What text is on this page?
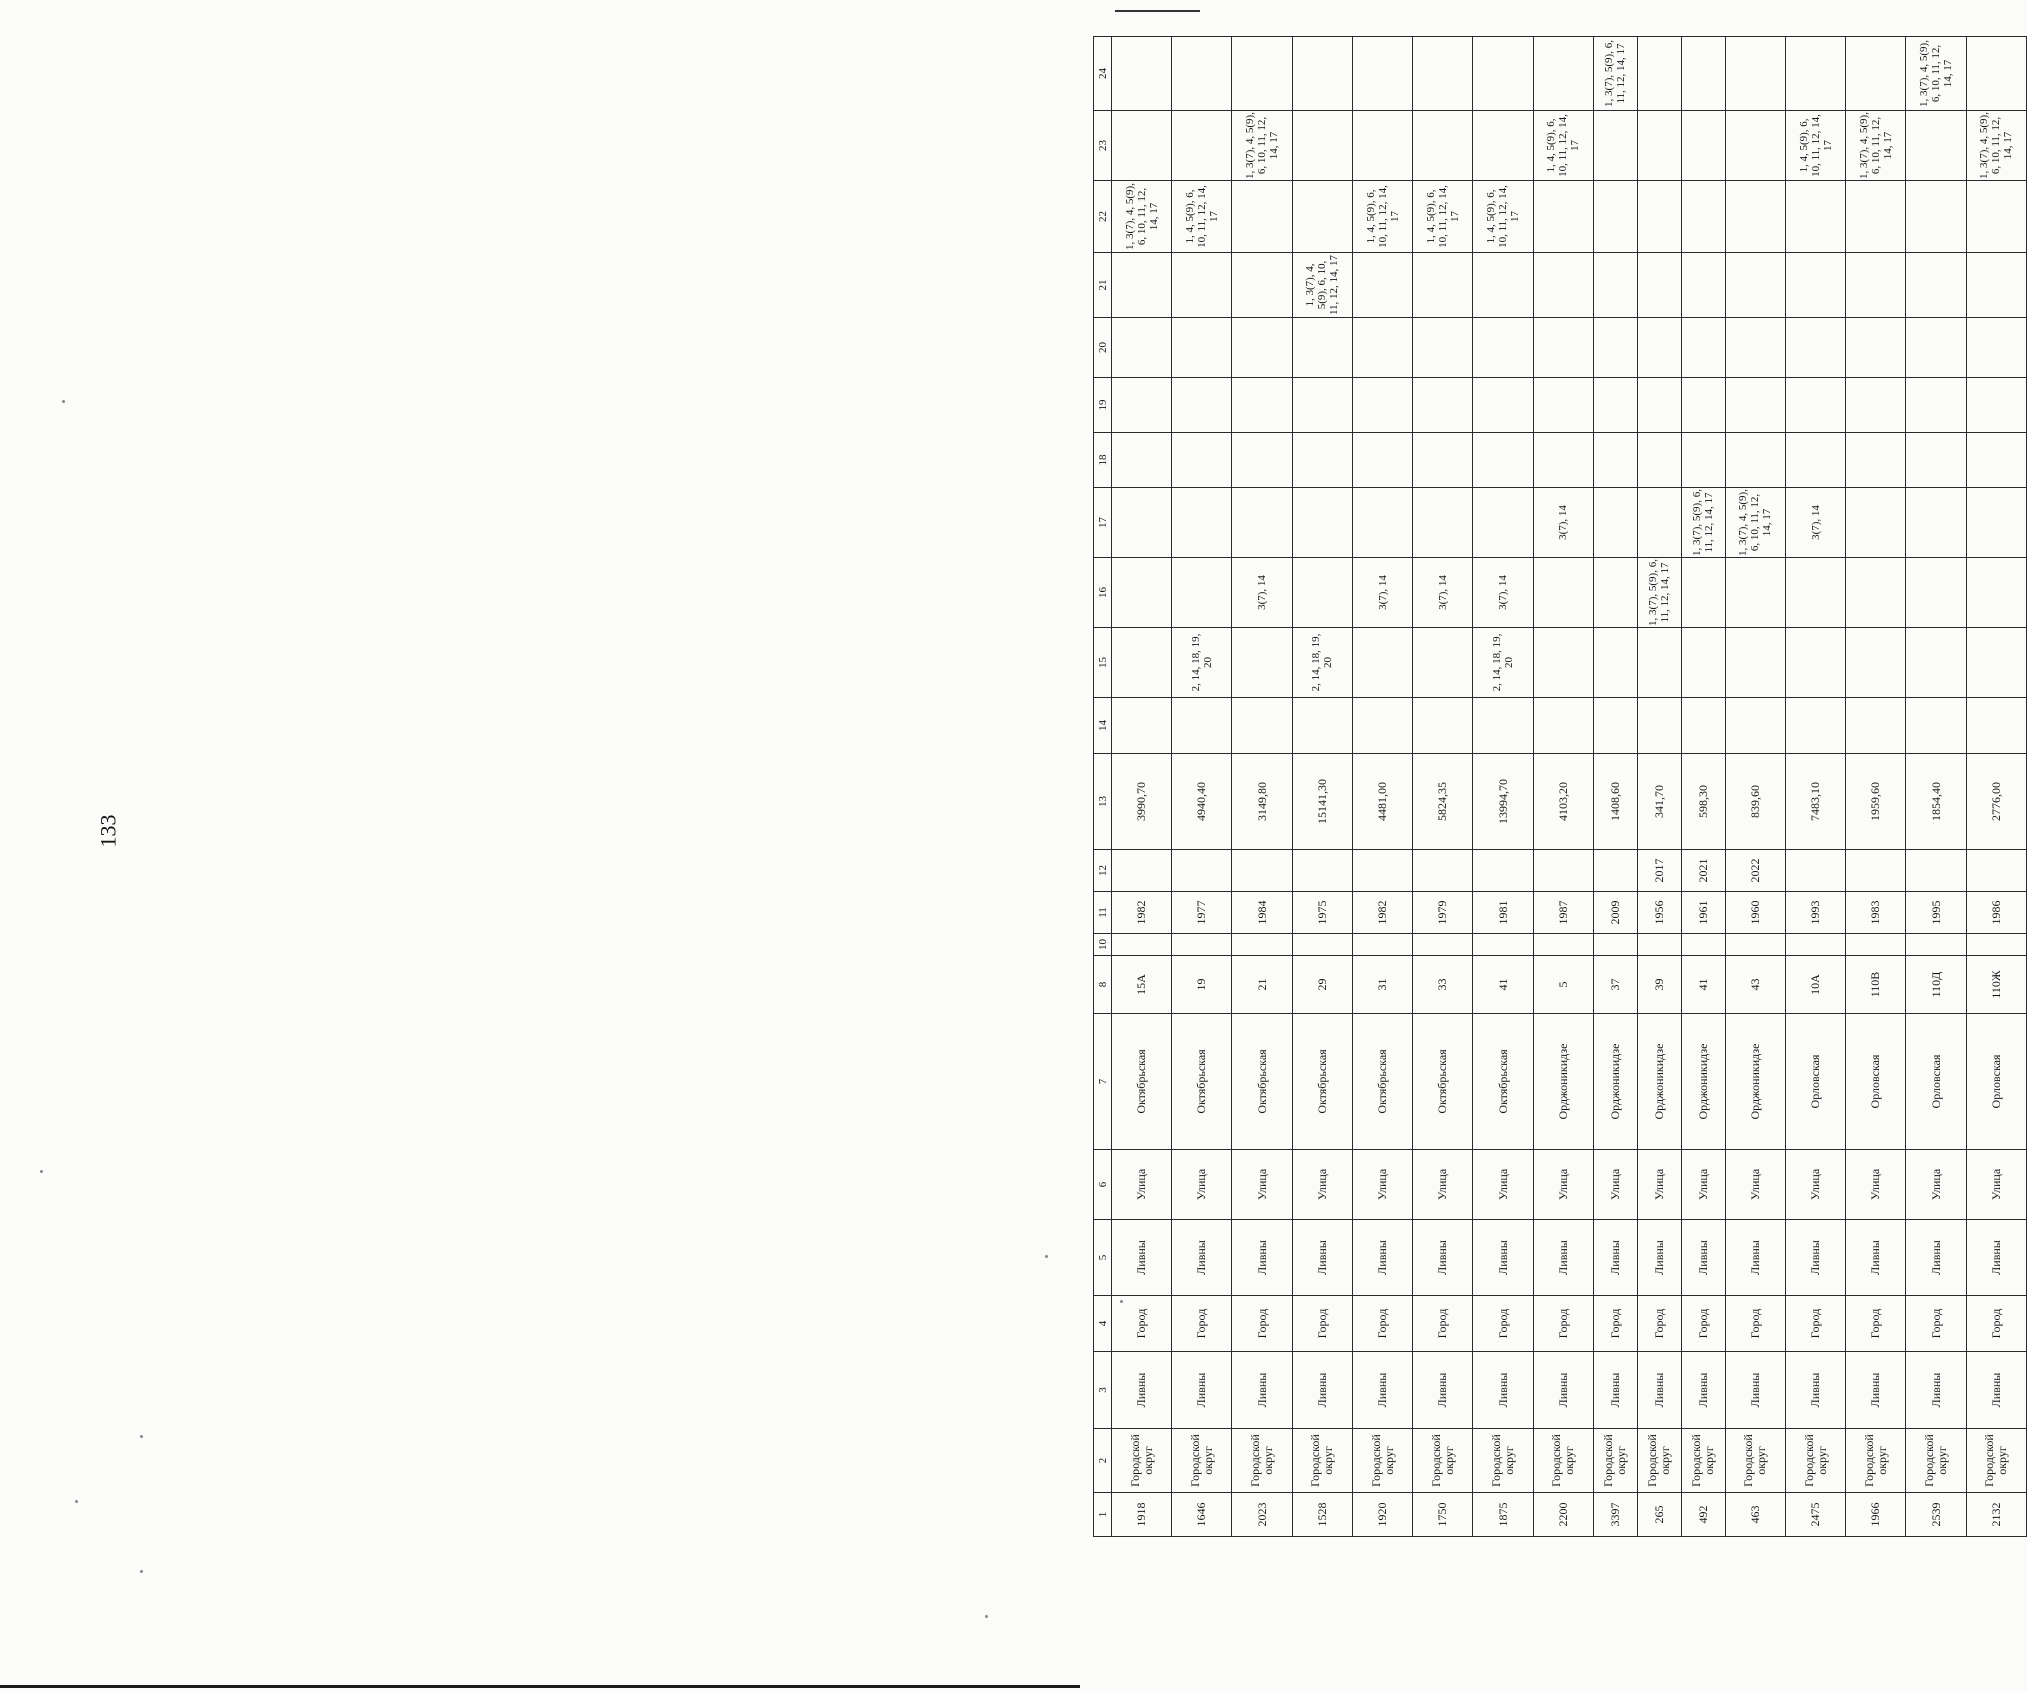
133
1	2	3	4	5	6	7	8	10	11	12	13	14	15	16	17	18	19	20	21	22	23	24
1918	Городской округ	Ливны	Город	Ливны	Улица	Октябрьская	15А		1982		3990,70									1, 3(7), 4, 5(9), 6, 10, 11, 12, 14, 17		
1646	Городской округ	Ливны	Город	Ливны	Улица	Октябрьская	19		1977		4940,40		2, 14, 18, 19, 20							1, 4, 5(9), 6, 10, 11, 12, 14, 17		
2023	Городской округ	Ливны	Город	Ливны	Улица	Октябрьская	21		1984		3149,80			3(7), 14							1, 3(7), 4, 5(9), 6, 10, 11, 12, 14, 17	
1528	Городской округ	Ливны	Город	Ливны	Улица	Октябрьская	29		1975		15141,30		2, 14, 18, 19, 20						1, 3(7), 4, 5(9), 6, 10, 11, 12, 14, 17			
1920	Городской округ	Ливны	Город	Ливны	Улица	Октябрьская	31		1982		4481,00			3(7), 14						1, 4, 5(9), 6, 10, 11, 12, 14, 17		
1750	Городской округ	Ливны	Город	Ливны	Улица	Октябрьская	33		1979		5824,35			3(7), 14						1, 4, 5(9), 6, 10, 11, 12, 14, 17		
1875	Городской округ	Ливны	Город	Ливны	Улица	Октябрьская	41		1981		13994,70		2, 14, 18, 19, 20	3(7), 14						1, 4, 5(9), 6, 10, 11, 12, 14, 17		
2200	Городской округ	Ливны	Город	Ливны	Улица	Орджоникидзе	5		1987		4103,20				3(7), 14						1, 4, 5(9), 6, 10, 11, 12, 14, 17	
3397	Городской округ	Ливны	Город	Ливны	Улица	Орджоникидзе	37		2009		1408,60											1, 3(7), 5(9), 6, 11, 12, 14, 17
265	Городской округ	Ливны	Город	Ливны	Улица	Орджоникидзе	39		1956	2017	341,70			1, 3(7), 5(9), 6, 11, 12, 14, 17								
492	Городской округ	Ливны	Город	Ливны	Улица	Орджоникидзе	41		1961	2021	598,30				1, 3(7), 5(9), 6, 11, 12, 14, 17							
463	Городской округ	Ливны	Город	Ливны	Улица	Орджоникидзе	43		1960	2022	839,60				1, 3(7), 4, 5(9), 6, 10, 11, 12, 14, 17							
2475	Городской округ	Ливны	Город	Ливны	Улица	Орловская	10А		1993		7483,10				3(7), 14						1, 4, 5(9), 6, 10, 11, 12, 14, 17	
1966	Городской округ	Ливны	Город	Ливны	Улица	Орловская	110В		1983		1959,60										1, 3(7), 4, 5(9), 6, 10, 11, 12, 14, 17	
2539	Городской округ	Ливны	Город	Ливны	Улица	Орловская	110Д		1995		1854,40											1, 3(7), 4, 5(9), 6, 10, 11, 12, 14, 17
2132	Городской округ	Ливны	Город	Ливны	Улица	Орловская	110Ж		1986		2776,00										1, 3(7), 4, 5(9), 6, 10, 11, 12, 14, 17	
